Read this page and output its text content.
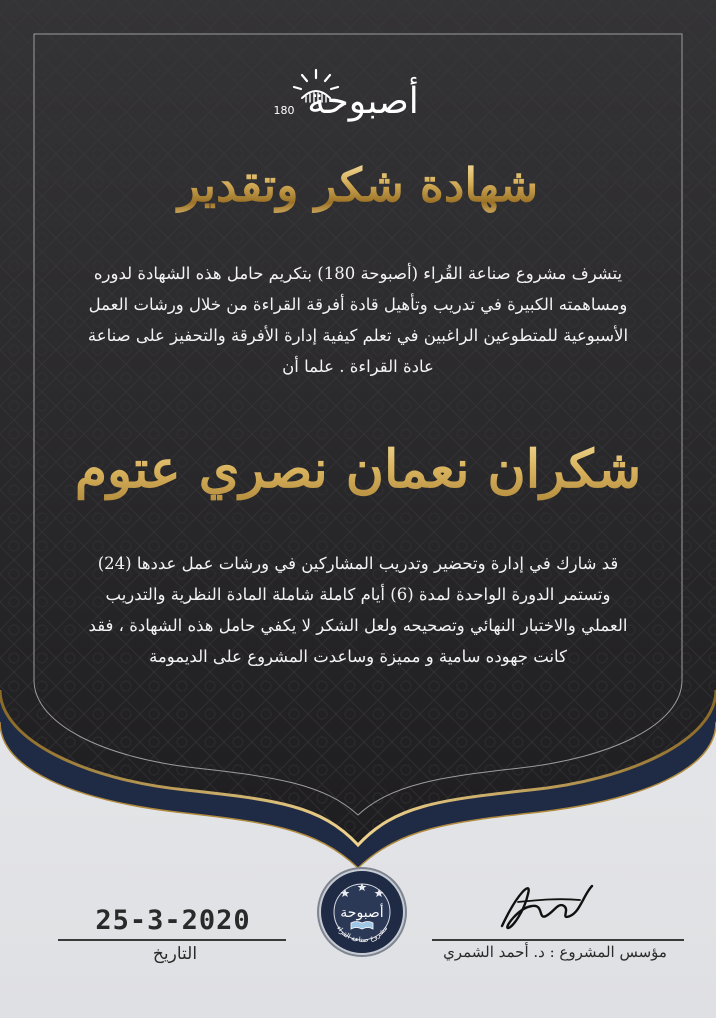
أصبوحة
180
شهادة شكر وتقدير

يتشرف مشروع صناعة القُراء (أصبوحة 180) بتكريم حامل هذه الشهادة لدوره ومساهمته الكبيرة في تدريب وتأهيل قادة أفرقة القراءة من خلال ورشات العمل الأسبوعية للمتطوعين الراغبين في تعلم كيفية إدارة الأفرقة والتحفيز على صناعة عادة القراءة . علما أن

شكران نعمان نصري عتوم

قد شارك في إدارة وتحضير وتدريب المشاركين في ورشات عمل عددها (24) وتستمر الدورة الواحدة لمدة (6) أيام كاملة شاملة المادة النظرية والتدريب العملي والاختبار النهائي وتصحيحه ولعل الشكر لا يكفي حامل هذه الشهادة ، فقد كانت جهوده سامية و مميزة وساعدت المشروع على الديمومة

25-3-2020
التاريخ
أصبوحة
مشروع صناعة القراء
مؤسس المشروع : د. أحمد الشمري
